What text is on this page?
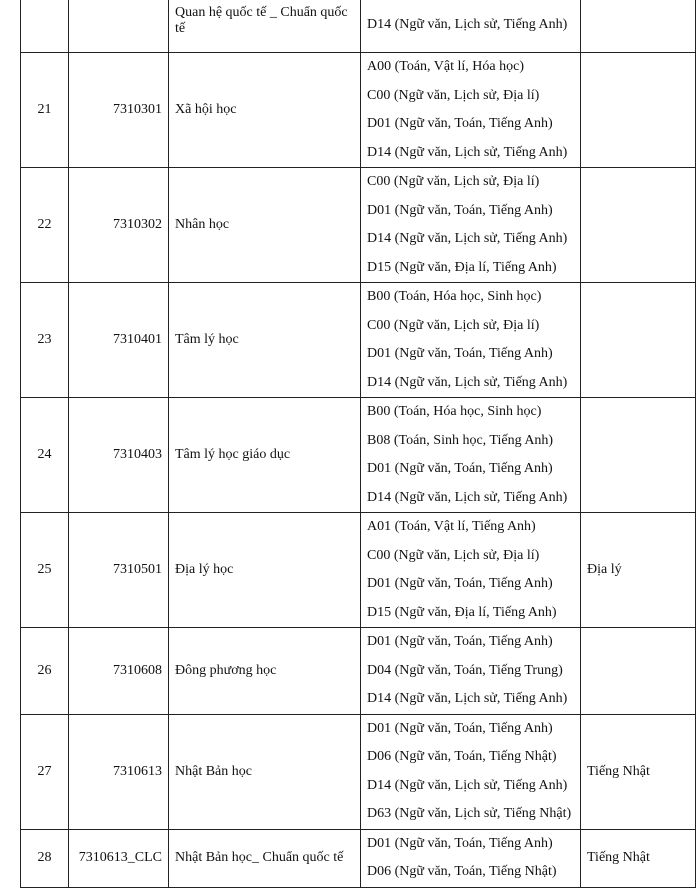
		Quan hệ quốc tế _ Chuẩn quốc tế	D14 (Ngữ văn, Lịch sử, Tiếng Anh)	

21	7310301	Xã hội học	A00 (Toán, Vật lí, Hóa học)
C00 (Ngữ văn, Lịch sử, Địa lí)
D01 (Ngữ văn, Toán, Tiếng Anh)
D14 (Ngữ văn, Lịch sử, Tiếng Anh)	

22	7310302	Nhân học	C00 (Ngữ văn, Lịch sử, Địa lí)
D01 (Ngữ văn, Toán, Tiếng Anh)
D14 (Ngữ văn, Lịch sử, Tiếng Anh)
D15 (Ngữ văn, Địa lí, Tiếng Anh)	

23	7310401	Tâm lý học	B00 (Toán, Hóa học, Sinh học)
C00 (Ngữ văn, Lịch sử, Địa lí)
D01 (Ngữ văn, Toán, Tiếng Anh)
D14 (Ngữ văn, Lịch sử, Tiếng Anh)	

24	7310403	Tâm lý học giáo dục	B00 (Toán, Hóa học, Sinh học)
B08 (Toán, Sinh học, Tiếng Anh)
D01 (Ngữ văn, Toán, Tiếng Anh)
D14 (Ngữ văn, Lịch sử, Tiếng Anh)	

25	7310501	Địa lý học	A01 (Toán, Vật lí, Tiếng Anh)
C00 (Ngữ văn, Lịch sử, Địa lí)
D01 (Ngữ văn, Toán, Tiếng Anh)
D15 (Ngữ văn, Địa lí, Tiếng Anh)	Địa lý
26	7310608	Đông phương học	D01 (Ngữ văn, Toán, Tiếng Anh)
D04 (Ngữ văn, Toán, Tiếng Trung)
D14 (Ngữ văn, Lịch sử, Tiếng Anh)	

27	7310613	Nhật Bản học	D01 (Ngữ văn, Toán, Tiếng Anh)
D06 (Ngữ văn, Toán, Tiếng Nhật)
D14 (Ngữ văn, Lịch sử, Tiếng Anh)
D63 (Ngữ văn, Lịch sử, Tiếng Nhật)	Tiếng Nhật
28	7310613_CLC	Nhật Bản học_ Chuẩn quốc tế	D01 (Ngữ văn, Toán, Tiếng Anh)
D06 (Ngữ văn, Toán, Tiếng Nhật)	Tiếng Nhật
